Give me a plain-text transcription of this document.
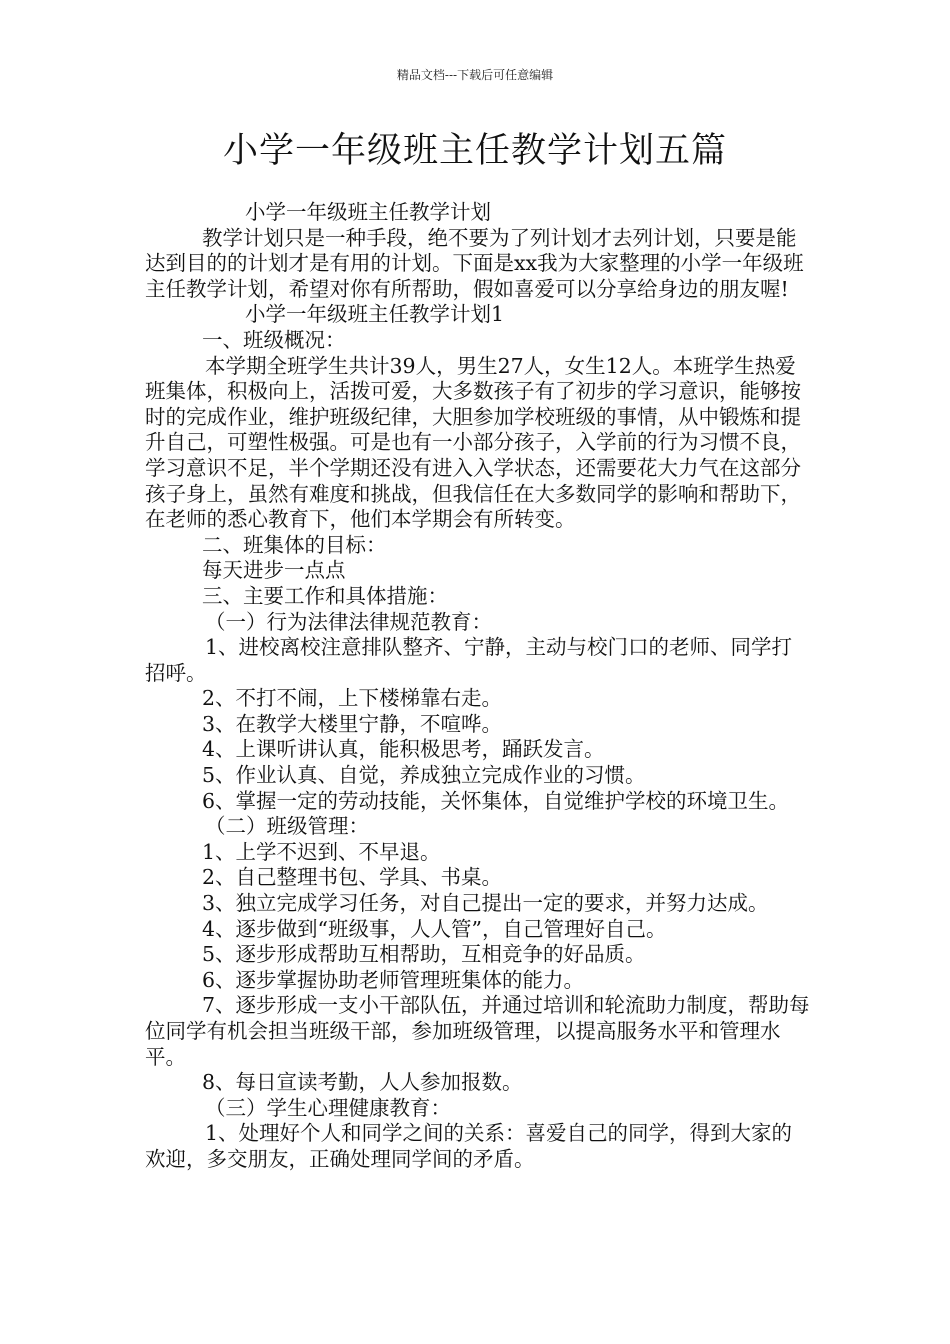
精品文档---下载后可任意编辑
小学一年级班主任教学计划五篇

小学一年级班主任教学计划

教学计划只是一种手段，绝不要为了列计划才去列计划，只要是能达到目的的计划才是有用的计划。下面是xx我为大家整理的小学一年级班主任教学计划，希望对你有所帮助，假如喜爱可以分享给身边的朋友喔!

小学一年级班主任教学计划1

一、班级概况：

本学期全班学生共计39人，男生27人，女生12人。本班学生热爱班集体，积极向上，活拨可爱，大多数孩子有了初步的学习意识，能够按时的完成作业，维护班级纪律，大胆参加学校班级的事情，从中锻炼和提升自己，可塑性极强。可是也有一小部分孩子，入学前的行为习惯不良，学习意识不足，半个学期还没有进入入学状态，还需要花大力气在这部分孩子身上，虽然有难度和挑战，但我信任在大多数同学的影响和帮助下，在老师的悉心教育下，他们本学期会有所转变。

二、班集体的目标：

每天进步一点点

三、主要工作和具体措施：

（一）行为法律法律规范教育：

1、进校离校注意排队整齐、宁静，主动与校门口的老师、同学打招呼。

2、不打不闹，上下楼梯靠右走。

3、在教学大楼里宁静，不喧哗。

4、上课听讲认真，能积极思考，踊跃发言。

5、作业认真、自觉，养成独立完成作业的习惯。

6、掌握一定的劳动技能，关怀集体，自觉维护学校的环境卫生。

（二）班级管理：

1、上学不迟到、不早退。

2、自己整理书包、学具、书桌。

3、独立完成学习任务，对自己提出一定的要求，并努力达成。

4、逐步做到“班级事，人人管”，自己管理好自己。

5、逐步形成帮助互相帮助，互相竞争的好品质。

6、逐步掌握协助老师管理班集体的能力。

7、逐步形成一支小干部队伍，并通过培训和轮流助力制度，帮助每位同学有机会担当班级干部，参加班级管理，以提高服务水平和管理水平。

8、每日宣读考勤，人人参加报数。

（三）学生心理健康教育：

1、处理好个人和同学之间的关系：喜爱自己的同学，得到大家的欢迎，多交朋友，正确处理同学间的矛盾。
